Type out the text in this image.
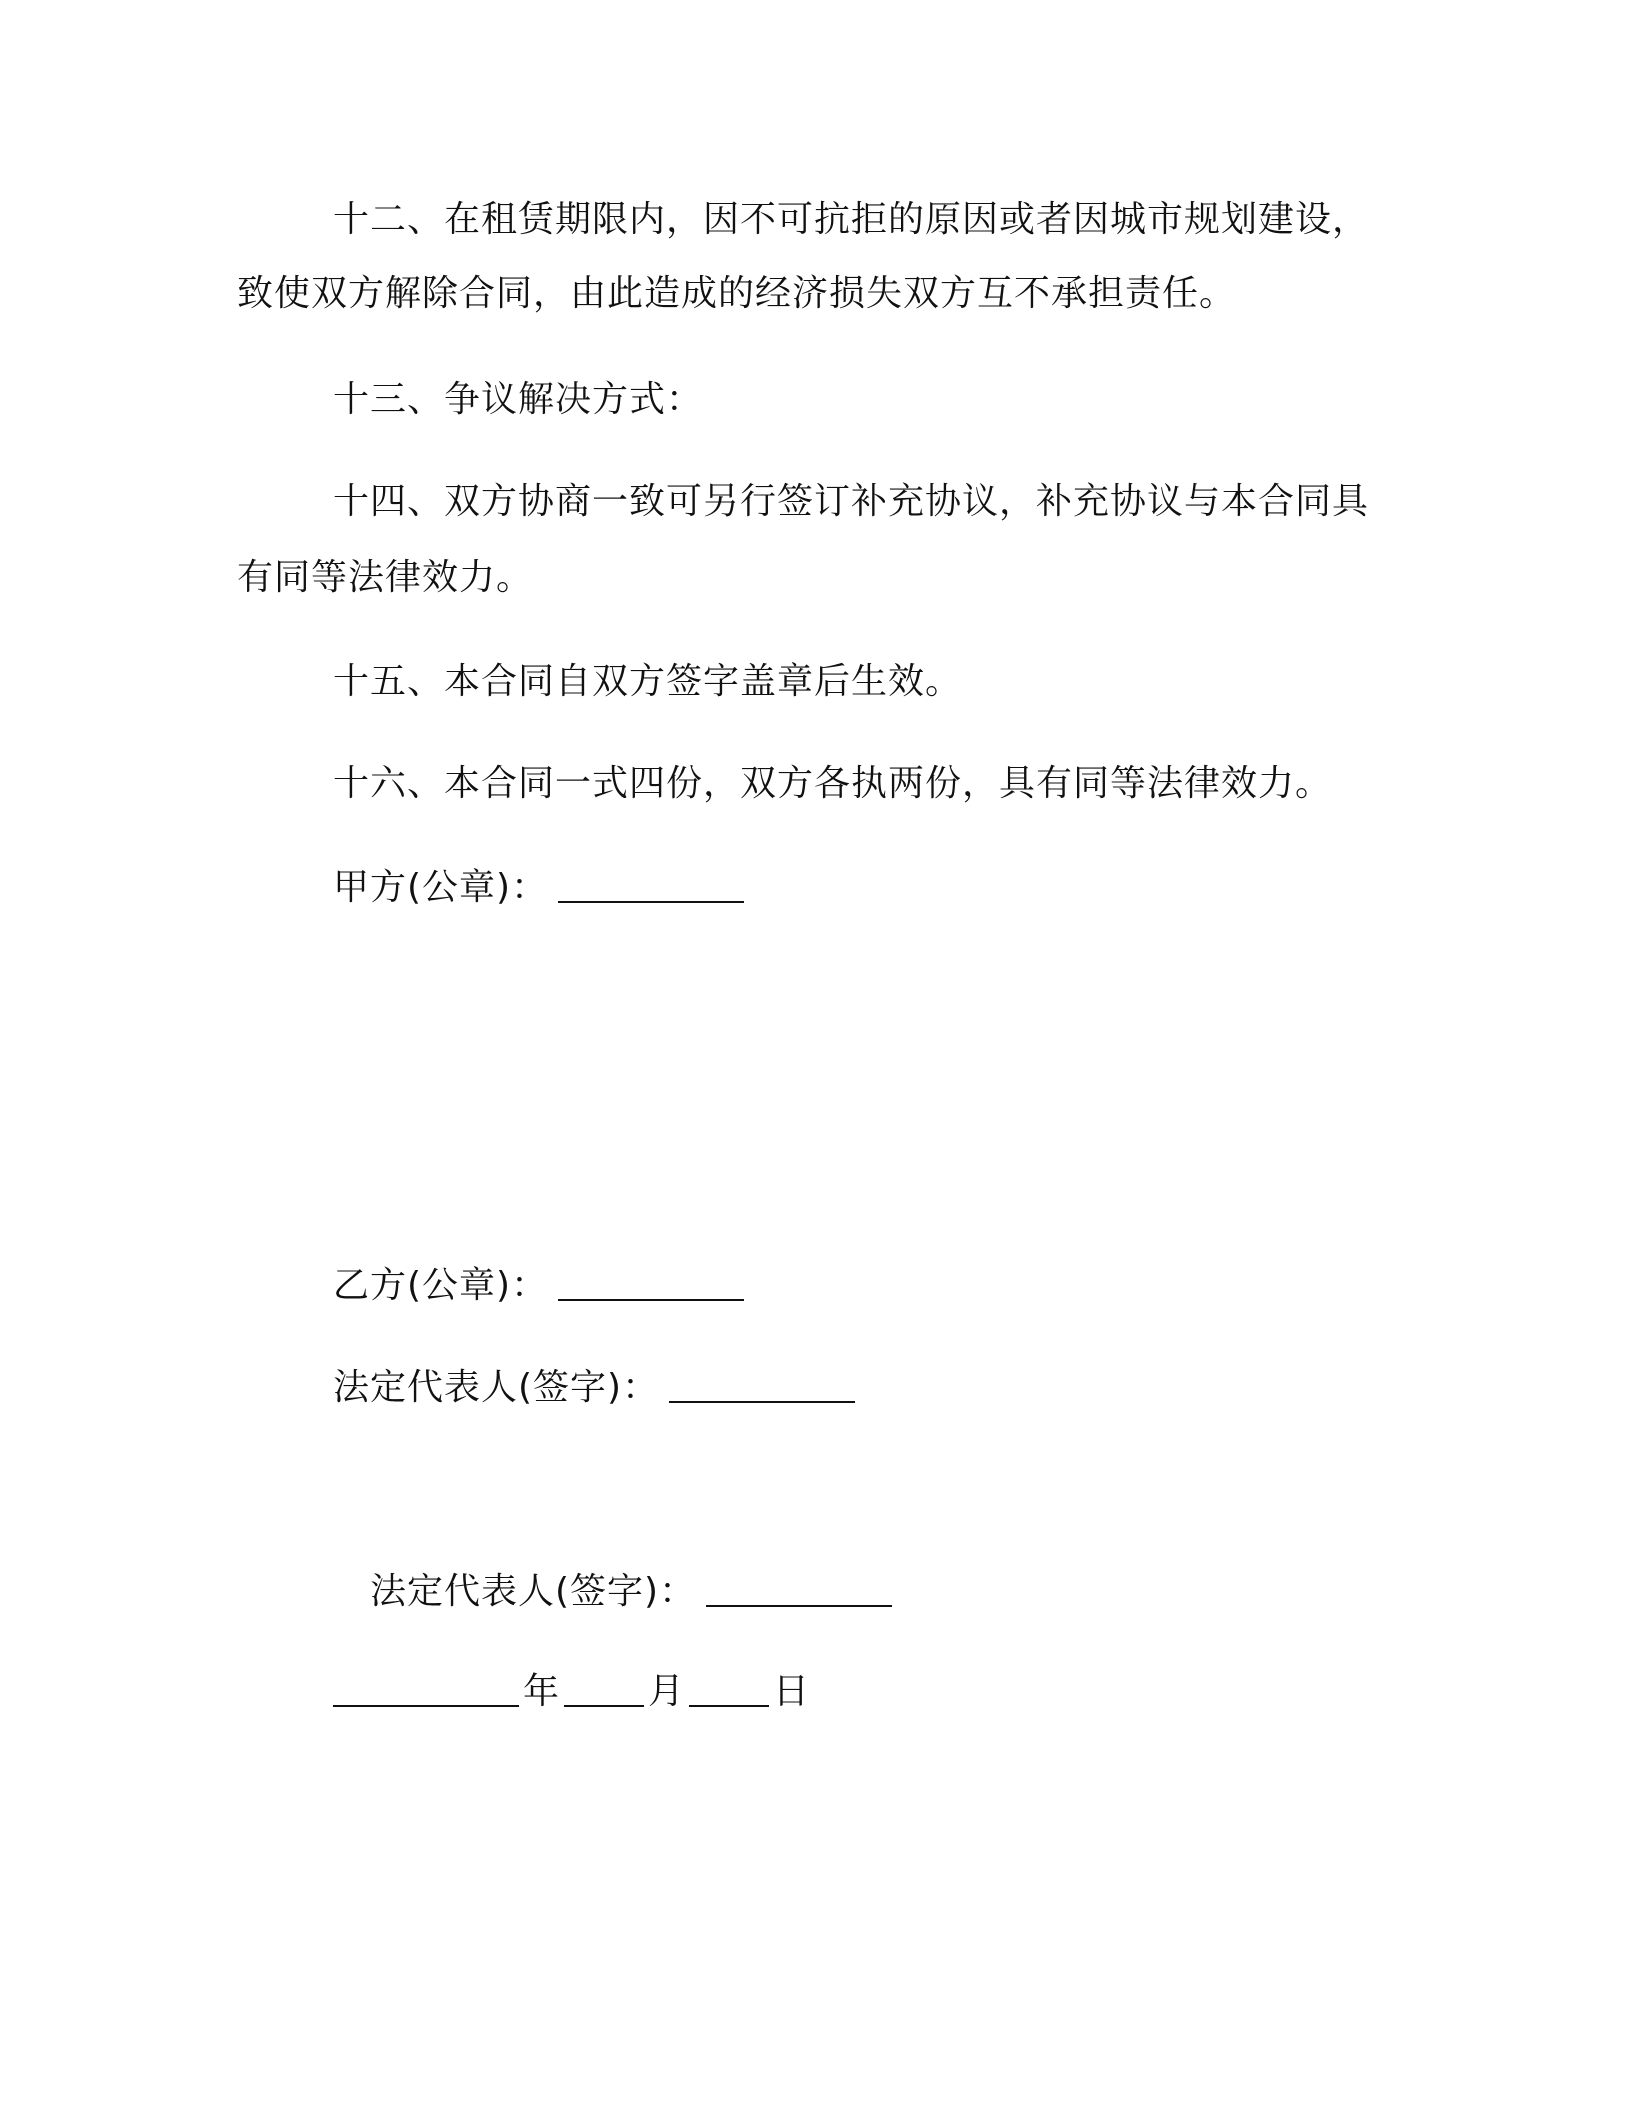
十二、在租赁期限内，因不可抗拒的原因或者因城市规划建设，
致使双方解除合同，由此造成的经济损失双方互不承担责任。
十三、争议解决方式：
十四、双方协商一致可另行签订补充协议，补充协议与本合同具
有同等法律效力。
十五、本合同自双方签字盖章后生效。
十六、本合同一式四份，双方各执两份，具有同等法律效力。
甲方(公章)：
乙方(公章)：
法定代表人(签字)：
法定代表人(签字)：
年 月 日
